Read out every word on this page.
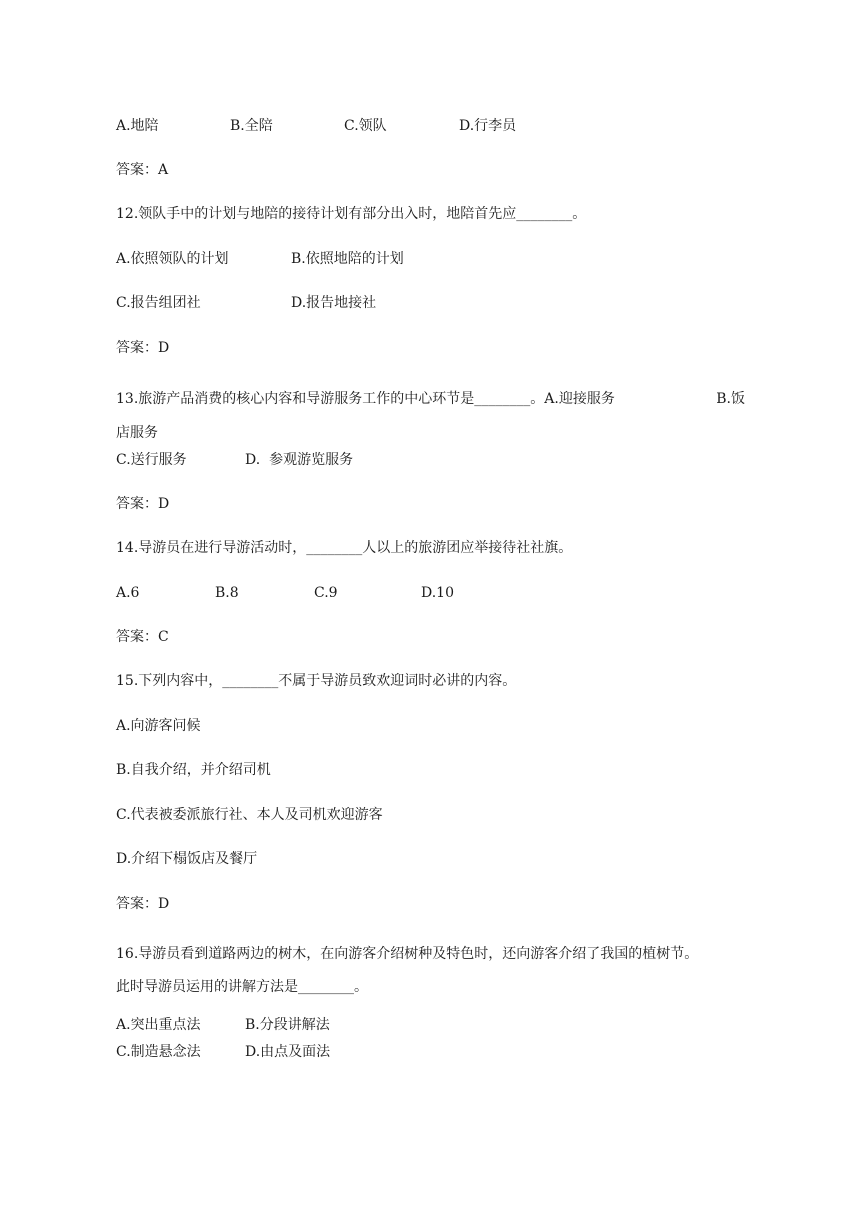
A.地陪	B.全陪	C.领队	D.行李员
答案：A
12.领队手中的计划与地陪的接待计划有部分出入时，地陪首先应________。
A.依照领队的计划	B.依照地陪的计划
C.报告组团社	D.报告地接社
答案：D
13.旅游产品消费的核心内容和导游服务工作的中心环节是________。A.迎接服务	B.饭
店服务
C.送行服务	D.  参观游览服务
答案：D
14.导游员在进行导游活动时，________人以上的旅游团应举接待社社旗。
A.6	B.8	C.9	D.10
答案：C
15.下列内容中，________不属于导游员致欢迎词时必讲的内容。
A.向游客问候
B.自我介绍，并介绍司机
C.代表被委派旅行社、本人及司机欢迎游客
D.介绍下榻饭店及餐厅
答案：D
16.导游员看到道路两边的树木，在向游客介绍树种及特色时，还向游客介绍了我国的植树节。
此时导游员运用的讲解方法是________。
A.突出重点法	B.分段讲解法
C.制造悬念法	D.由点及面法
